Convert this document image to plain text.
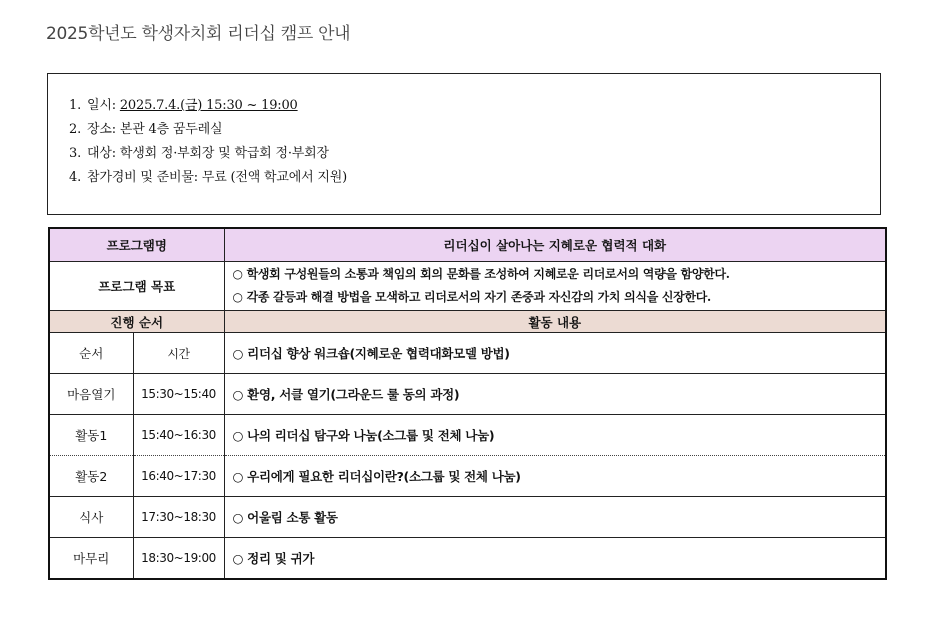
2025학년도 학생자치회 리더십 캠프 안내
1. 일시: 2025.7.4.(금) 15:30 ~ 19:00
2. 장소: 본관 4층 꿈두레실
3. 대상: 학생회 정·부회장 및 학급회 정·부회장
4. 참가경비 및 준비물: 무료 (전액 학교에서 지원)
프로그램명		리더십이 살아나는 지혜로운 협력적 대화
프로그램 목표		○ 학생회 구성원들의 소통과 책임의 회의 문화를 조성하여 지혜로운 리더로서의 역량을 함양한다.
○ 각종 갈등과 해결 방법을 모색하고 리더로서의 자기 존중과 자신감의 가치 의식을 신장한다.

진행 순서		활동 내용
순서	시간	○ 리더십 향상 워크숍(지혜로운 협력대화모델 방법)
마음열기	15:30~15:40	○ 환영, 서클 열기(그라운드 룰 동의 과정)
활동1	15:40~16:30	○ 나의 리더십 탐구와 나눔(소그룹 및 전체 나눔)
활동2	16:40~17:30	○ 우리에게 필요한 리더십이란?(소그룹 및 전체 나눔)
식사	17:30~18:30	○ 어울림 소통 활동
마무리	18:30~19:00	○ 정리 및 귀가
